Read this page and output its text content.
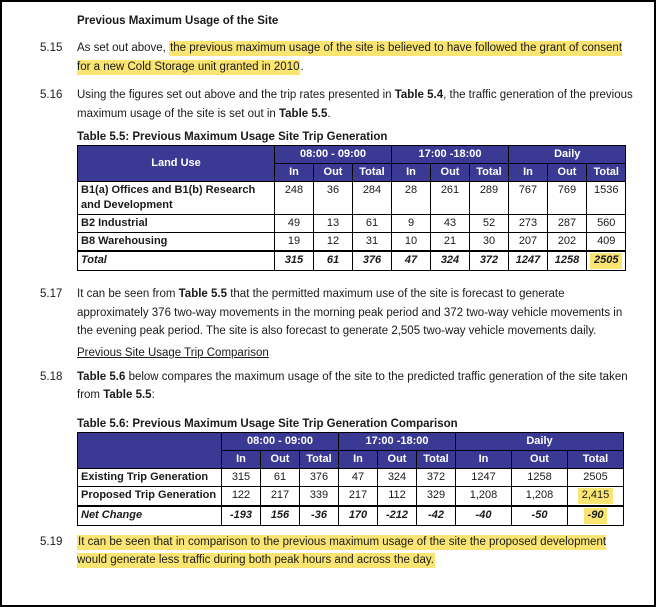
Previous Maximum Usage of the Site
5.15	As set out above, the previous maximum usage of the site is believed to have followed the grant of consent for a new Cold Storage unit granted in 2010.
5.16	Using the figures set out above and the trip rates presented in Table 5.4, the traffic generation of the previous maximum usage of the site is set out in Table 5.5.
Table 5.5: Previous Maximum Usage Site Trip Generation
Land Use	08:00 - 09:00			17:00 -18:00			Daily		
	In	Out	Total	In	Out	Total	In	Out	Total
B1(a) Offices and B1(b) Research and Development	248	36	284	28	261	289	767	769	1536
B2 Industrial	49	13	61	9	43	52	273	287	560
B8 Warehousing	19	12	31	10	21	30	207	202	409
Total	315	61	376	47	324	372	1247	1258	2505
5.17	It can be seen from Table 5.5 that the permitted maximum use of the site is forecast to generate approximately 376 two-way movements in the morning peak period and 372 two-way vehicle movements in the evening peak period. The site is also forecast to generate 2,505 two-way vehicle movements daily.
Previous Site Usage Trip Comparison
5.18	Table 5.6 below compares the maximum usage of the site to the predicted traffic generation of the site taken from Table 5.5:
Table 5.6: Previous Maximum Usage Site Trip Generation Comparison
	08:00 - 09:00			17:00 -18:00			Daily		
	In	Out	Total	In	Out	Total	In	Out	Total
Existing Trip Generation	315	61	376	47	324	372	1247	1258	2505
Proposed Trip Generation	122	217	339	217	112	329	1,208	1,208	2,415
Net Change	-193	156	-36	170	-212	-42	-40	-50	-90
5.19	It can be seen that in comparison to the previous maximum usage of the site the proposed development would generate less traffic during both peak hours and across the day.
